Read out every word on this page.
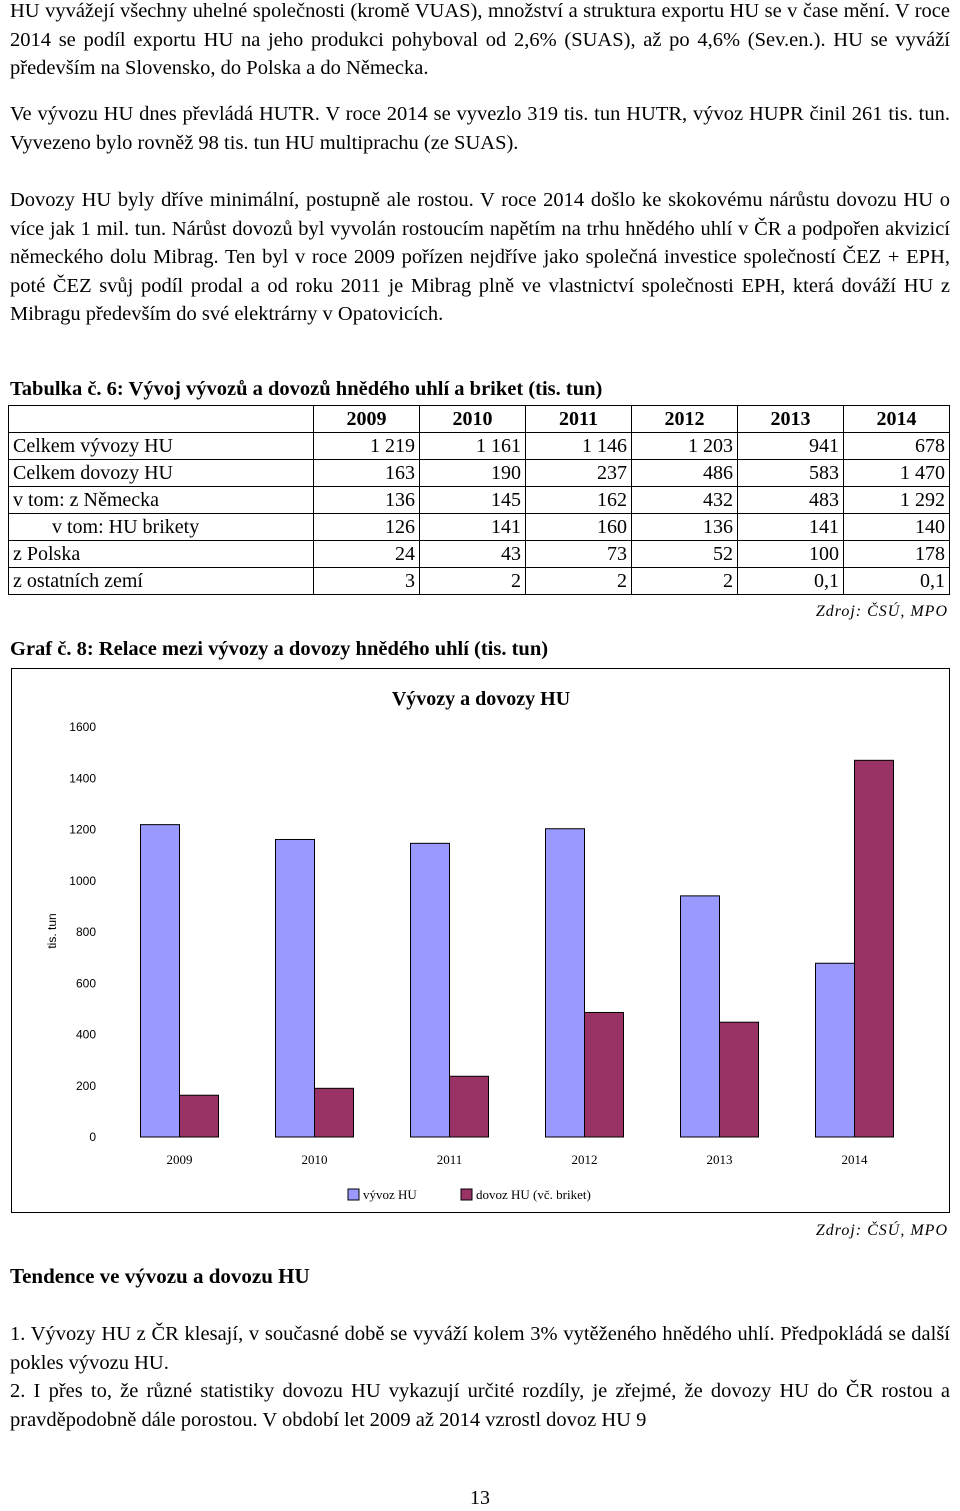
HU vyvážejí všechny uhelné společnosti (kromě VUAS), množství a struktura exportu HU se v čase mění. V roce 2014 se podíl exportu HU na jeho produkci pohyboval od 2,6% (SUAS), až po 4,6% (Sev.en.). HU se vyváží především na Slovensko, do Polska a do Německa.

Ve vývozu HU dnes převládá HUTR. V roce 2014 se vyvezlo 319 tis. tun HUTR, vývoz HUPR činil 261 tis. tun. Vyvezeno bylo rovněž 98 tis. tun HU multiprachu (ze SUAS).

Dovozy HU byly dříve minimální, postupně ale rostou. V roce 2014 došlo ke skokovému nárůstu dovozu HU o více jak 1 mil. tun. Nárůst dovozů byl vyvolán rostoucím napětím na trhu hnědého uhlí v ČR a podpořen akvizicí německého dolu Mibrag. Ten byl v roce 2009 pořízen nejdříve jako společná investice společností ČEZ + EPH, poté ČEZ svůj podíl prodal a od roku 2011 je Mibrag plně ve vlastnictví společnosti EPH, která dováží HU z Mibragu především do své elektrárny v Opatovicích.

Tabulka č. 6: Vývoj vývozů a dovozů hnědého uhlí a briket (tis. tun)
	2009	2010	2011	2012	2013	2014
Celkem vývozy HU	1 219	1 161	1 146	1 203	941	678
Celkem dovozy HU	163	190	237	486	583	1 470
v tom: z Německa	136	145	162	432	483	1 292
v tom: HU brikety	126	141	160	136	141	140
z Polska	24	43	73	52	100	178
z ostatních zemí	3	2	2	2	0,1	0,1
Zdroj: ČSÚ, MPO
Graf č. 8: Relace mezi vývozy a dovozy hnědého uhlí (tis. tun)
Vývozy a dovozy HU
tis. tun
0
200
400
600
800
1000
1200
1400
1600
2009	2010	2011	2012	2013	2014
vývoz HU	dovoz HU (vč. briket)
Zdroj: ČSÚ, MPO
Tendence ve vývozu a dovozu HU

1. Vývozy HU z ČR klesají, v současné době se vyváží kolem 3% vytěženého hnědého uhlí. Předpokládá se další pokles vývozu HU.

2. I přes to, že různé statistiky dovozu HU vykazují určité rozdíly, je zřejmé, že dovozy HU do ČR rostou a pravděpodobně dále porostou. V období let 2009 až 2014 vzrostl dovoz HU 9

13
